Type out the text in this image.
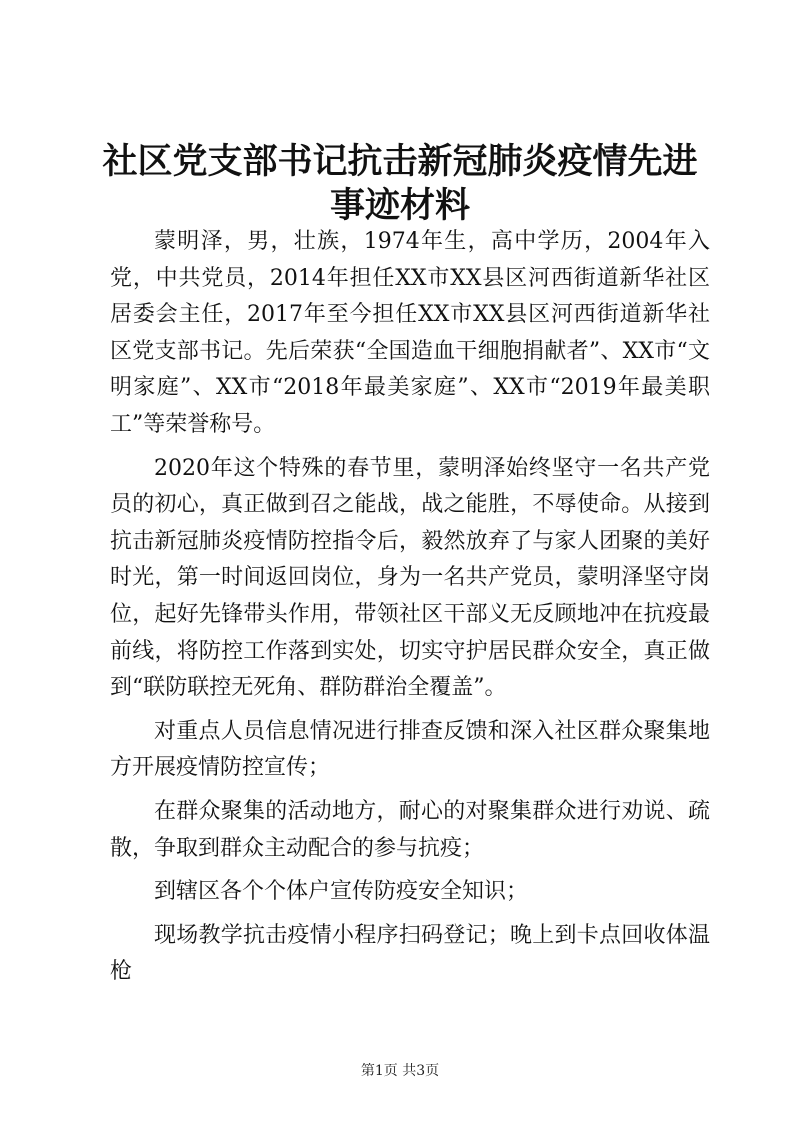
社区党支部书记抗击新冠肺炎疫情先进事迹材料

蒙明泽，男，壮族，1974年生，高中学历，2004年入党，中共党员，2014年担任XX市XX县区河西街道新华社区居委会主任，2017年至今担任XX市XX县区河西街道新华社区党支部书记。先后荣获“全国造血干细胞捐献者”、XX市“文明家庭”、XX市“2018年最美家庭”、XX市“2019年最美职工”等荣誉称号。

2020年这个特殊的春节里，蒙明泽始终坚守一名共产党员的初心，真正做到召之能战，战之能胜，不辱使命。从接到抗击新冠肺炎疫情防控指令后，毅然放弃了与家人团聚的美好时光，第一时间返回岗位，身为一名共产党员，蒙明泽坚守岗位，起好先锋带头作用，带领社区干部义无反顾地冲在抗疫最前线，将防控工作落到实处，切实守护居民群众安全，真正做到“联防联控无死角、群防群治全覆盖”。

对重点人员信息情况进行排查反馈和深入社区群众聚集地方开展疫情防控宣传；

在群众聚集的活动地方，耐心的对聚集群众进行劝说、疏散，争取到群众主动配合的参与抗疫；

到辖区各个个体户宣传防疫安全知识；

现场教学抗击疫情小程序扫码登记；晚上到卡点回收体温枪

第1页 共3页
